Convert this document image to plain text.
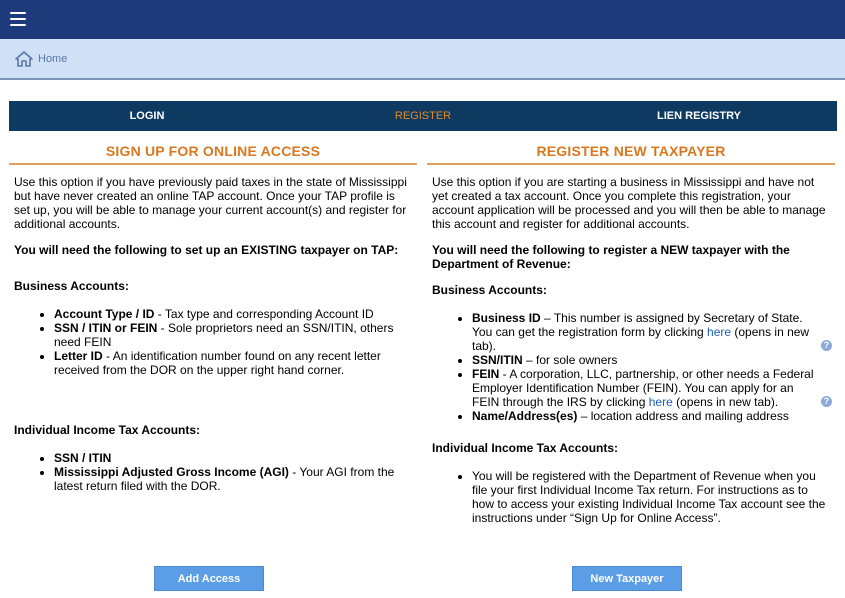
Home
LOGIN	REGISTER	LIEN REGISTRY
SIGN UP FOR ONLINE ACCESS

Use this option if you have previously paid taxes in the state of Mississippi but have never created an online TAP account. Once your TAP profile is set up, you will be able to manage your current account(s) and register for additional accounts.

You will need the following to set up an EXISTING taxpayer on TAP:

Business Accounts:
• Account Type / ID - Tax type and corresponding Account ID
• SSN / ITIN or FEIN - Sole proprietors need an SSN/ITIN, others need FEIN
• Letter ID - An identification number found on any recent letter received from the DOR on the upper right hand corner.
Individual Income Tax Accounts:
• SSN / ITIN
• Mississippi Adjusted Gross Income (AGI) - Your AGI from the latest return filed with the DOR.
REGISTER NEW TAXPAYER

Use this option if you are starting a business in Mississippi and have not yet created a tax account. Once you complete this registration, your account application will be processed and you will then be able to manage this account and register for additional accounts.

You will need the following to register a NEW taxpayer with the Department of Revenue:

Business Accounts:
• Business ID – This number is assigned by Secretary of State. You can get the registration form by clicking here (opens in new tab).	?
• SSN/ITIN – for sole owners
• FEIN - A corporation, LLC, partnership, or other needs a Federal Employer Identification Number (FEIN). You can apply for an FEIN through the IRS by clicking here (opens in new tab).	?
• Name/Address(es) – location address and mailing address
Individual Income Tax Accounts:
• You will be registered with the Department of Revenue when you file your first Individual Income Tax return. For instructions as to how to access your existing Individual Income Tax account see the instructions under “Sign Up for Online Access”.
Add Access	New Taxpayer
